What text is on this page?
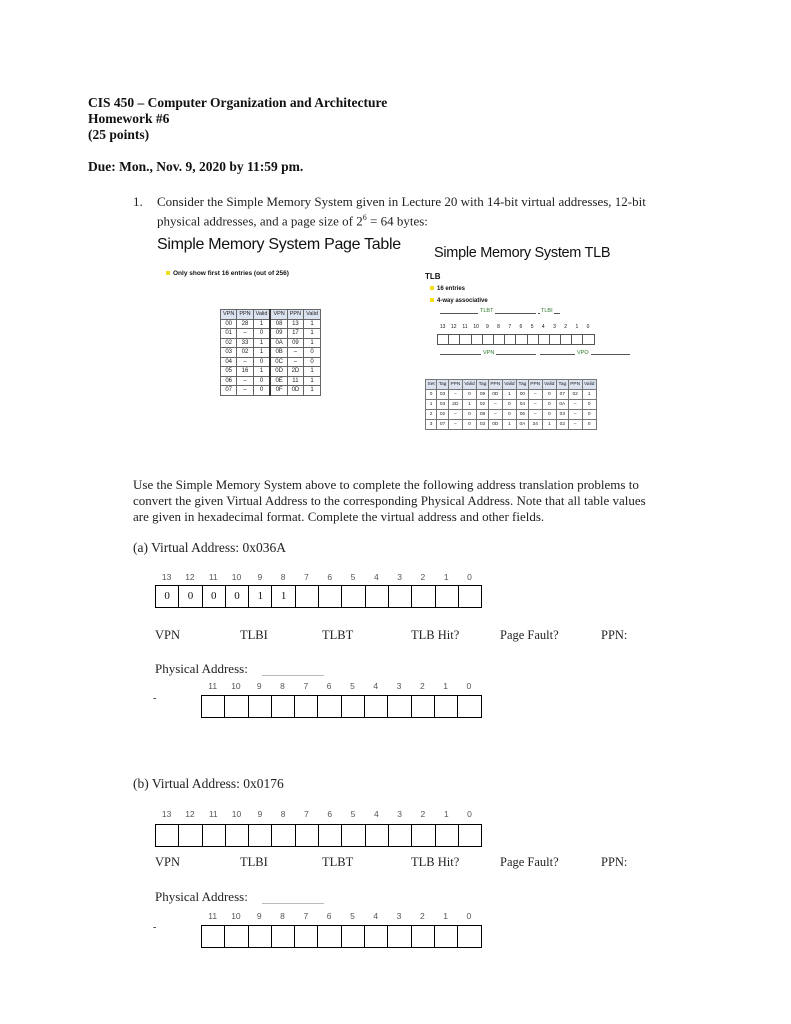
CIS 450 – Computer Organization and Architecture
Homework #6
(25 points)
Due: Mon., Nov. 9, 2020 by 11:59 pm.
1. Consider the Simple Memory System given in Lecture 20 with 14-bit virtual addresses, 12-bit
physical addresses, and a page size of $2^6 = 64$ bytes:
Simple Memory System Page Table
Only show first 16 entries (out of 256)
VPN	PPN	Valid	VPN	PPN	Valid
00	28	1	08	13	1
01	–	0	09	17	1
02	33	1	0A	09	1
03	02	1	0B	–	0
04	–	0	0C	–	0
05	16	1	0D	2D	1
06	–	0	0E	11	1
07	–	0	0F	0D	1
Simple Memory System TLB
TLB
16 entries
4-way associative
TLBT	TLBI
13	12	11	10	9	8	7	6	5	4	3	2	1	0
VPN	VPO
Set	Tag	PPN	Valid	Tag	PPN	Valid	Tag	PPN	Valid	Tag	PPN	Valid
0	03	–	0	09	0D	1	00	–	0	07	02	1
1	03	2D	1	02	–	0	04	–	0	0A	–	0
2	02	–	0	08	–	0	06	–	0	03	–	0
3	07	–	0	03	0D	1	0A	34	1	02	–	0
Use the Simple Memory System above to complete the following address translation problems to
convert the given Virtual Address to the corresponding Physical Address. Note that all table values
are given in hexadecimal format. Complete the virtual address and other fields.
(a) Virtual Address: 0x036A
13	12	11	10	9	8	7	6	5	4	3	2	1	0
0	0	0	0	1	1
VPN	TLBI	TLBT	TLB Hit?	Page Fault?	PPN:
Physical Address:
11	10	9	8	7	6	5	4	3	2	1	0
-
(b) Virtual Address: 0x0176
13	12	11	10	9	8	7	6	5	4	3	2	1	0
VPN	TLBI	TLBT	TLB Hit?	Page Fault?	PPN:
Physical Address:
11	10	9	8	7	6	5	4	3	2	1	0
-
